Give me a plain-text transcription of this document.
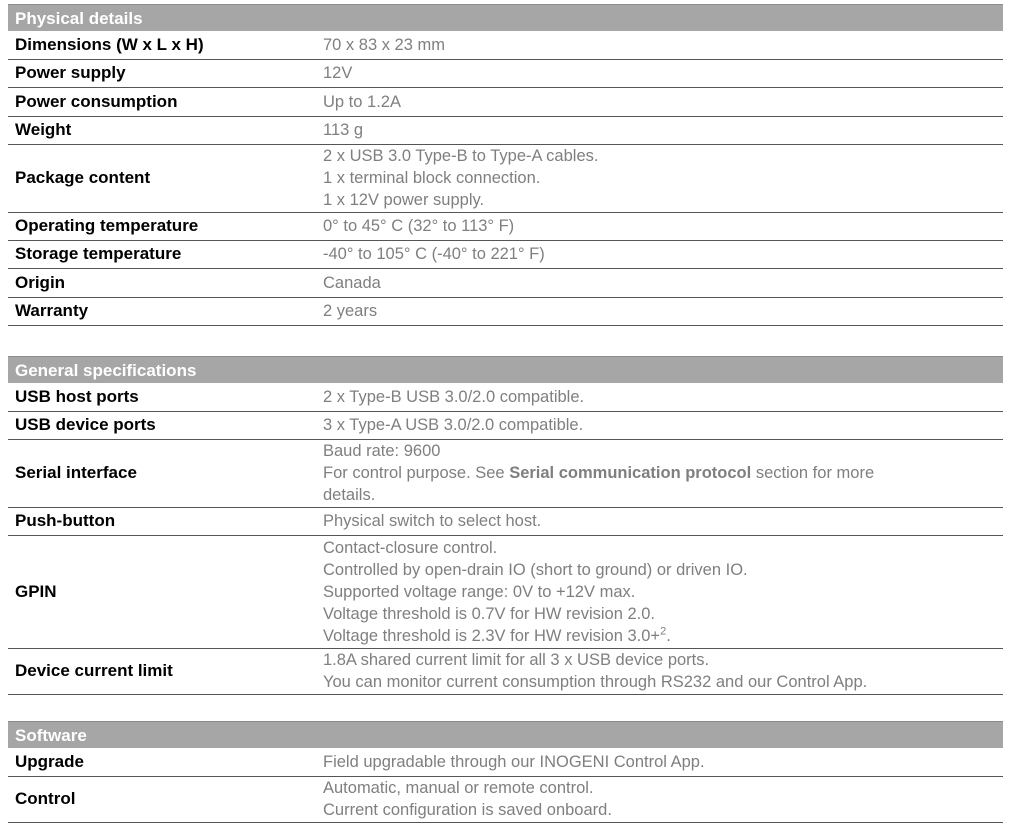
Physical details
Dimensions (W x L x H)	70 x 83 x 23 mm

Power supply	12V

Power consumption	Up to 1.2A

Weight	113 g

Package content	2 x USB 3.0 Type-B to Type-A cables.
1 x terminal block connection.
1 x 12V power supply.

Operating temperature	0° to 45° C (32° to 113° F)

Storage temperature	-40° to 105° C (-40° to 221° F)

Origin	Canada

Warranty	2 years
General specifications
USB host ports	2 x Type-B USB 3.0/2.0 compatible.

USB device ports	3 x Type-A USB 3.0/2.0 compatible.

Serial interface	Baud rate: 9600
For control purpose. See Serial communication protocol section for more
details.

Push-button	Physical switch to select host.

GPIN	Contact-closure control.
Controlled by open-drain IO (short to ground) or driven IO.
Supported voltage range: 0V to +12V max.
Voltage threshold is 0.7V for HW revision 2.0.
Voltage threshold is 2.3V for HW revision 3.0+$^2$.

Device current limit	1.8A shared current limit for all 3 x USB device ports.
You can monitor current consumption through RS232 and our Control App.
Software
Upgrade	Field upgradable through our INOGENI Control App.

Control	Automatic, manual or remote control.
Current configuration is saved onboard.
